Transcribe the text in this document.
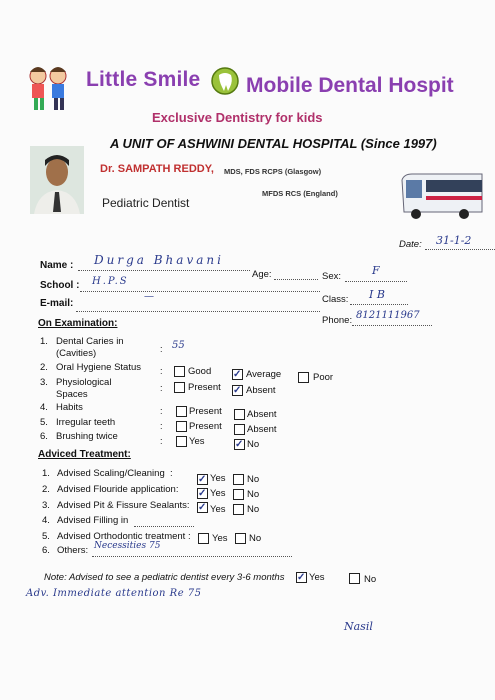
Little Smile Mobile Dental Hospit
Exclusive Dentistry for kids
A UNIT OF ASHWINI DENTAL HOSPITAL (Since 1997)
Dr. SAMPATH REDDY, MDS, FDS RCPS (Glasgow)
MFDS RCS (England)
Pediatric Dentist
Date: 31-1-2
Name : Durga Bhavani
Age:	Sex:	F
School : H.P.S
Class: I B
E-mail:
—
Phone: 8121111967
On Examination:
1. Dental Caries in
(Cavities)	: 55
2. Oral Hygiene Status :	Good ✓ Average	Poor
3. Physiological
Spaces
:	Present ✓ Absent
4. Habits	:	Present	Absent
5. Irregular teeth	:	Present	Absent
6. Brushing twice	:	Yes	✓ No
Adviced Treatment:
1. Advised Scaling/Cleaning  :
✓ Yes No
2. Advised Flouride application: ✓ Yes No
3. Advised Pit & Fissure Sealants: ✓ Yes No
4. Advised Filling in
5. Advised Orthodontic treatment : Yes No
6. Others: Necessities 75
Note: Advised to see a pediatric dentist every 3-6 months ✓ Yes	No
Adv. Immediate attention Re 75
Nasil
